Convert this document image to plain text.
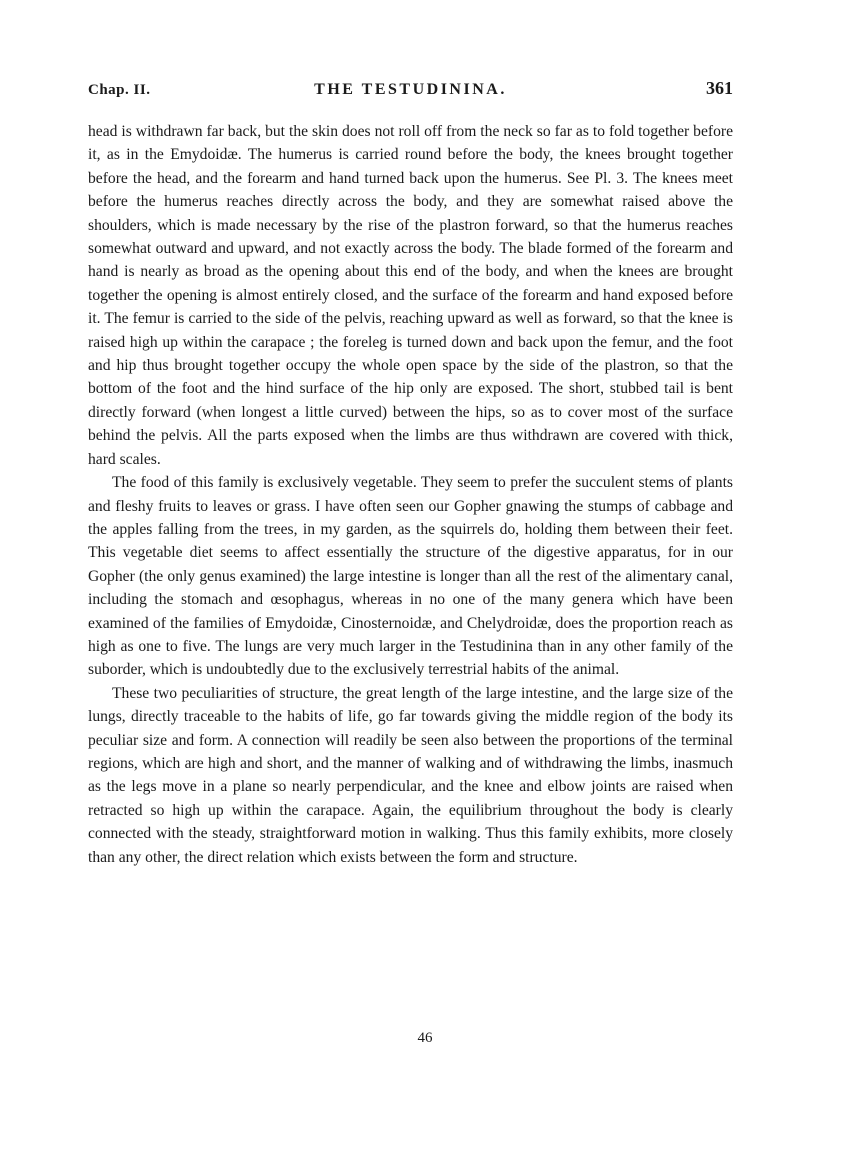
Chap. II.	THE TESTUDININA.	361

head is withdrawn far back, but the skin does not roll off from the neck so far as to fold together before it, as in the Emydoidæ. The humerus is carried round before the body, the knees brought together before the head, and the forearm and hand turned back upon the humerus. See Pl. 3. The knees meet before the humerus reaches directly across the body, and they are somewhat raised above the shoulders, which is made necessary by the rise of the plastron forward, so that the humerus reaches somewhat outward and upward, and not exactly across the body. The blade formed of the forearm and hand is nearly as broad as the opening about this end of the body, and when the knees are brought together the opening is almost entirely closed, and the surface of the forearm and hand exposed before it. The femur is carried to the side of the pelvis, reaching upward as well as forward, so that the knee is raised high up within the carapace ; the foreleg is turned down and back upon the femur, and the foot and hip thus brought together occupy the whole open space by the side of the plastron, so that the bottom of the foot and the hind surface of the hip only are exposed. The short, stubbed tail is bent directly forward (when longest a little curved) between the hips, so as to cover most of the surface behind the pelvis. All the parts exposed when the limbs are thus withdrawn are covered with thick, hard scales.

The food of this family is exclusively vegetable. They seem to prefer the succulent stems of plants and fleshy fruits to leaves or grass. I have often seen our Gopher gnawing the stumps of cabbage and the apples falling from the trees, in my garden, as the squirrels do, holding them between their feet. This vegetable diet seems to affect essentially the structure of the digestive apparatus, for in our Gopher (the only genus examined) the large intestine is longer than all the rest of the alimentary canal, including the stomach and œsophagus, whereas in no one of the many genera which have been examined of the families of Emydoidæ, Cinosternoidæ, and Chelydroidæ, does the proportion reach as high as one to five. The lungs are very much larger in the Testudinina than in any other family of the suborder, which is undoubtedly due to the exclusively terrestrial habits of the animal.

These two peculiarities of structure, the great length of the large intestine, and the large size of the lungs, directly traceable to the habits of life, go far towards giving the middle region of the body its peculiar size and form. A connection will readily be seen also between the proportions of the terminal regions, which are high and short, and the manner of walking and of withdrawing the limbs, inasmuch as the legs move in a plane so nearly perpendicular, and the knee and elbow joints are raised when retracted so high up within the carapace. Again, the equilibrium throughout the body is clearly connected with the steady, straightforward motion in walking. Thus this family exhibits, more closely than any other, the direct relation which exists between the form and structure.

46
